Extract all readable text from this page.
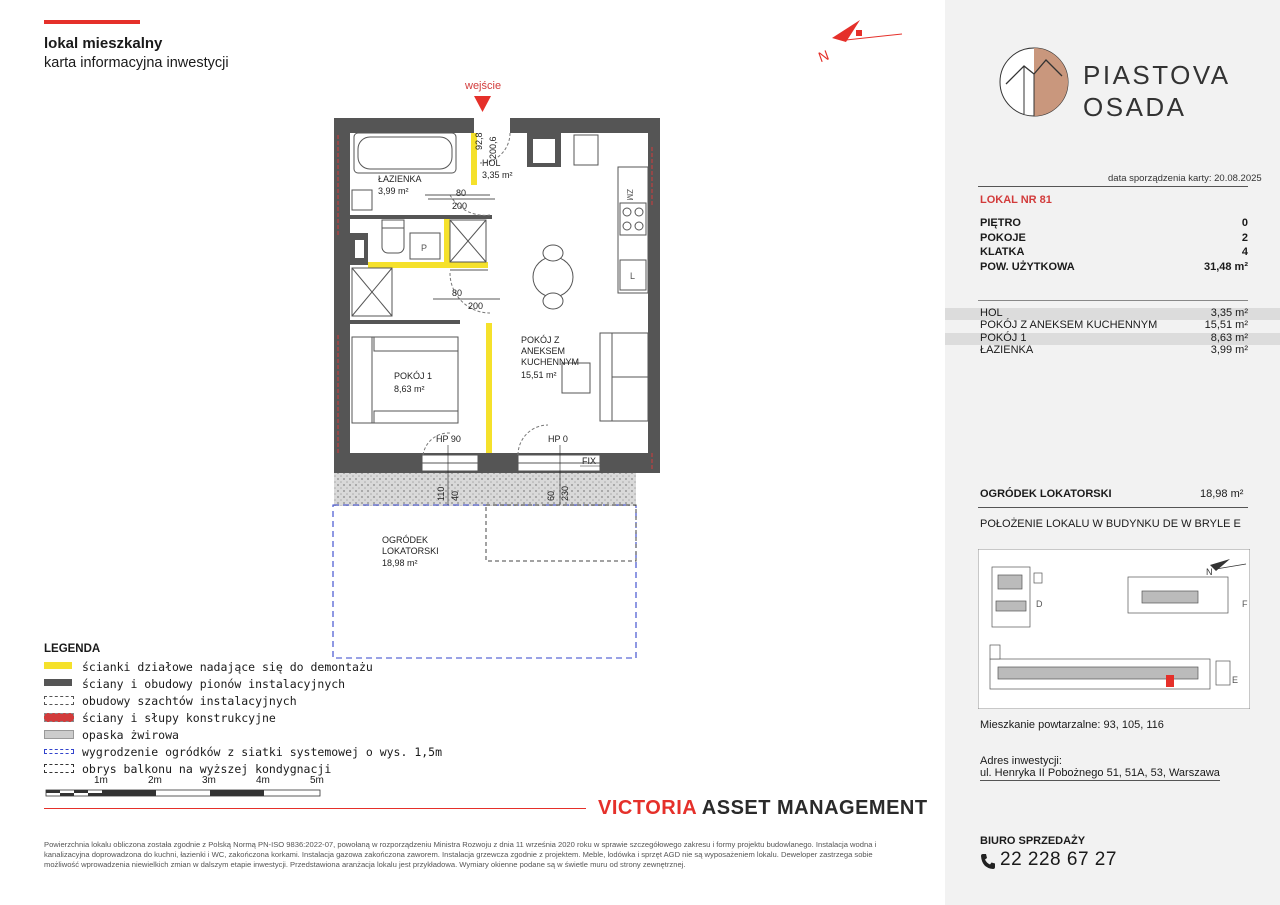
lokal mieszkalny
karta informacyjna inwestycji	N
wejście
P
ZM
L
92,8 200,6
80
200
80
200
HP 90	HP 0
FIX
110 40	60 230
ŁAZIENKA
3,99 m²
HOL
3,35 m²
POKÓJ 1
8,63 m²
POKÓJ Z
ANEKSEM
KUCHENNYM
15,51 m²
OGRÓDEK
LOKATORSKI
18,98 m²
LEGENDA
ścianki działowe nadające się do demontażu
ściany i obudowy pionów instalacyjnych
obudowy szachtów instalacyjnych
ściany i słupy konstrukcyjne
opaska żwirowa
wygrodzenie ogródków z siatki systemowej o wys. 1,5m
obrys balkonu na wyższej kondygnacji
1m	2m	3m	4m	5m
VICTORIA ASSET MANAGEMENT
Powierzchnia lokalu obliczona została zgodnie z Polską Normą PN-ISO 9836:2022-07, powołaną w rozporządzeniu Ministra Rozwoju z dnia 11 września 2020 roku w sprawie szczegółowego zakresu i formy projektu budowlanego. Instalacja wodna i kanalizacyjna doprowadzona do kuchni, łazienki i WC, zakończona korkami. Instalacja gazowa zakończona zaworem. Instalacja grzewcza zgodnie z projektem. Meble, lodówka i sprzęt AGD nie są wyposażeniem lokalu. Deweloper zastrzega sobie możliwość wprowadzenia niewielkich zmian w dalszym etapie inwestycji. Przedstawiona aranżacja lokalu jest przykładowa. Wymiary okienne podane są w świetle muru od strony zewnętrznej.
PIASTOVA
OSADA
data sporządzenia karty: 20.08.2025
LOKAL NR 81
PIĘTRO	0
POKOJE	2
KLATKA	4
POW. UŻYTKOWA	31,48 m²
HOL	3,35 m²
POKÓJ Z ANEKSEM KUCHENNYM	15,51 m²
POKÓJ 1	8,63 m²
ŁAZIENKA	3,99 m²
OGRÓDEK LOKATORSKI	18,98 m²
POŁOŻENIE LOKALU W BUDYNKU DE W BRYLE E
D	F
E
N
Mieszkanie powtarzalne: 93, 105, 116
Adres inwestycji:
ul. Henryka II Pobożnego 51, 51A, 53, Warszawa
BIURO SPRZEDAŻY
22 228 67 27
